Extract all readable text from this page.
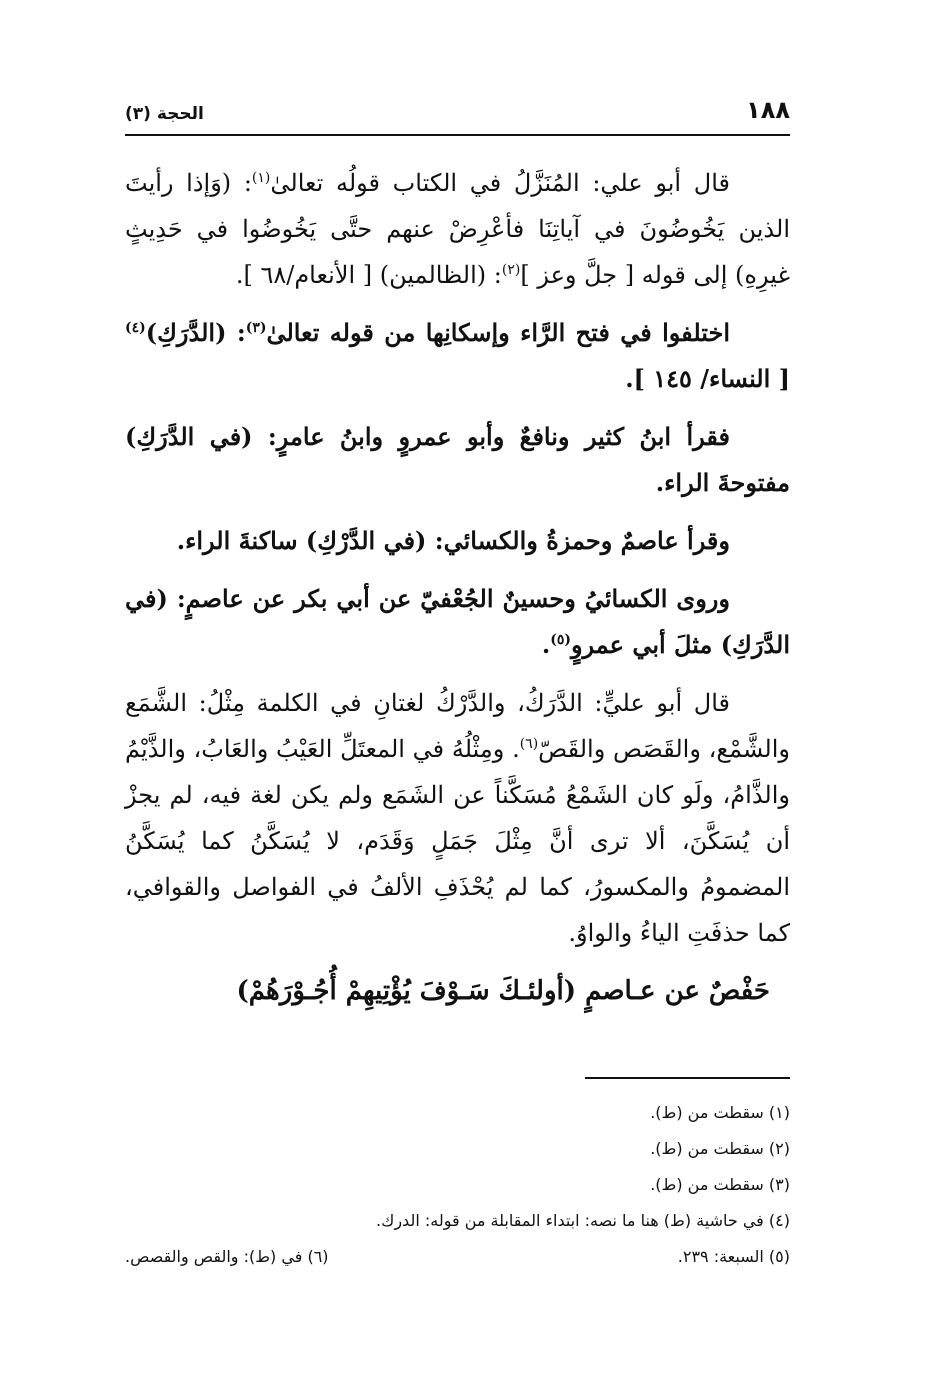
١٨٨
الحجة (٣)

قال أبو علي: المُنَزَّلُ في الكتاب قولُه تعالىٰ$^{(١)}$: (وَإذا رأيتَ الذين يَخُوضُونَ في آياتِنَا فأعْرِضْ عنهم حتَّى يَخُوضُوا في حَدِيثٍ غيرِهِ) إلى قوله [ جلَّ وعز ]$^{(٢)}$: (الظالمين) [ الأنعام/٦٨ ].

اختلفوا في فتح الرَّاء وإسكانِها من قوله تعالىٰ$^{(٣)}$: (الدَّرَكِ)$^{(٤)}$ [ النساء/ ١٤٥ ].

فقرأ ابنُ كثير ونافعٌ وأبو عمروٍ وابنُ عامرٍ: (في الدَّرَكِ) مفتوحةَ الراء.

وقرأ عاصمٌ وحمزةُ والكسائي: (في الدَّرْكِ) ساكنةَ الراء.

وروى الكسائيُ وحسينٌ الجُعْفيّ عن أبي بكر عن عاصمٍ: (في الدَّرَكِ) مثلَ أبي عمروٍ$^{(٥)}$.

قال أبو عليٍّ: الدَّرَكُ، والدَّرْكُ لغتانِ في الكلمة مِثْلُ: الشَّمَع والشَّمْع، والقَصَص والقَصّ$^{(٦)}$. ومِثْلُهُ في المعتَلِّ العَيْبُ والعَابُ، والذَّيْمُ والذَّامُ، ولَو كان الشَمْعُ مُسَكَّناً عن الشَمَع ولم يكن لغة فيه، لم يجزْ أن يُسَكَّنَ، ألا ترى أنَّ مِثْلَ جَمَلٍ وَقَدَم، لا يُسَكَّنُ كما يُسَكَّنُ المضمومُ والمكسورُ، كما لم يُحْذَفِ الألفُ في الفواصل والقوافي، كما حذفَتِ الياءُ والواوُ.

حَفْصٌ عن عـاصمٍ (أولئـكَ سَـوْفَ يُؤْتِيهِمْ أُجُـوْرَهُمْ)
(١) سقطت من (ط).
(٢) سقطت من (ط).
(٣) سقطت من (ط).
(٤) في حاشية (ط) هنا ما نصه: ابتداء المقابلة من قوله: الدرك.
(٥) السبعة: ٢٣٩.
(٦) في (ط): والقص والقصص.
